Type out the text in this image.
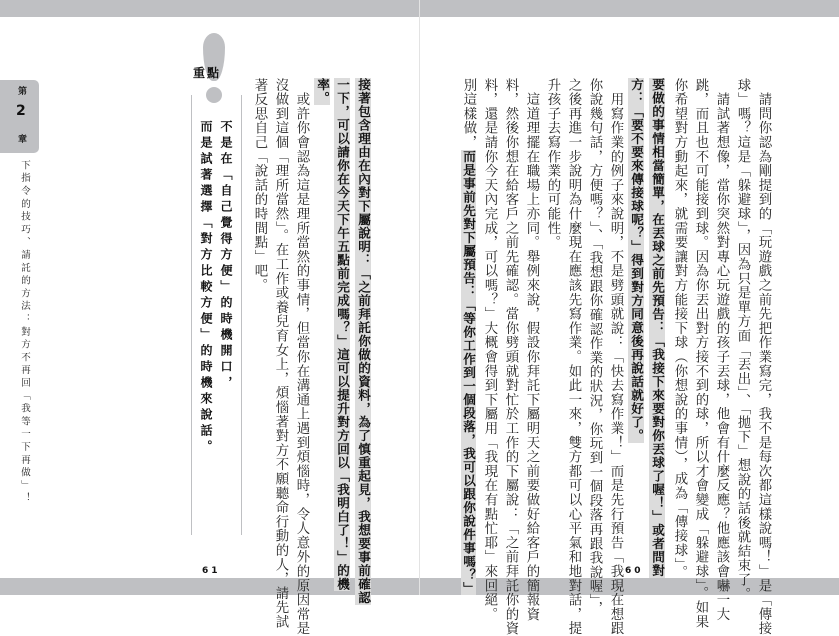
第
2
章
下指令的技巧、請託的方法：對方不再回「我等一下再做」！
重點
不是在「自己覺得方便」的時機開口，
而是試著選擇「對方比較方便」的時機來說話。	接著包含理由在內對下屬說明：「之前拜託你做的資料，為了慎重起見，我想要事前確認
一下，可以請你在今天下午五點前完成嗎？」這可以提升對方回以「我明白了！」的機
率。
　或許你會認為這是理所當然的事情，但當你在溝通上遇到煩惱時，令人意外的原因常是
沒做到這個「理所當然」。在工作或養兒育女上，煩惱著對方不願聽命行動的人，請先試
著反思自己「說話的時間點」吧。
61	　請問你認為剛提到的「玩遊戲之前先把作業寫完，我不是每次都這樣說嗎！」是「傳接
球」嗎？這是「躲避球」，因為只是單方面「丟出」、「拋下」想說的話後就結束了。
　請試著想像，當你突然對專心玩遊戲的孩子丟球，他會有什麼反應？他應該會嚇一大
跳，而且也不可能接到球。因為你丟出對方接不到的球，所以才會變成「躲避球」。如果
你希望對方動起來，就需要讓對方能接下球（你想說的事情），成為「傳接球」。
要做的事情相當簡單，在丟球之前先預告：「我接下來要對你丟球了喔！」或者問對
方：「要不要來傳接球呢？」得到對方同意後再說話就好了。
　用寫作業的例子來說明，不是劈頭就說：「快去寫作業！」而是先行預告「我現在想跟
你說幾句話，方便嗎？」、「我想跟你確認作業的狀況，你玩到一個段落再跟我說喔」，
之後再進一步說明為什麼現在應該先寫作業。如此一來，雙方都可以心平氣和地對話，提
升孩子去寫作業的可能性。
　這道理擺在職場上亦同。舉例來說，假設你拜託下屬明天之前要做好給客戶的簡報資
料，然後你想在給客戶之前先確認。當你劈頭就對忙於工作的下屬說：「之前拜託你的資
料，還是請你今天內完成，可以嗎？」大概會得到下屬用「我現在有點忙耶」來回絕。
別這樣做，而是事前先對下屬預告：「等你工作到一個段落，我可以跟你說件事嗎？」	60
